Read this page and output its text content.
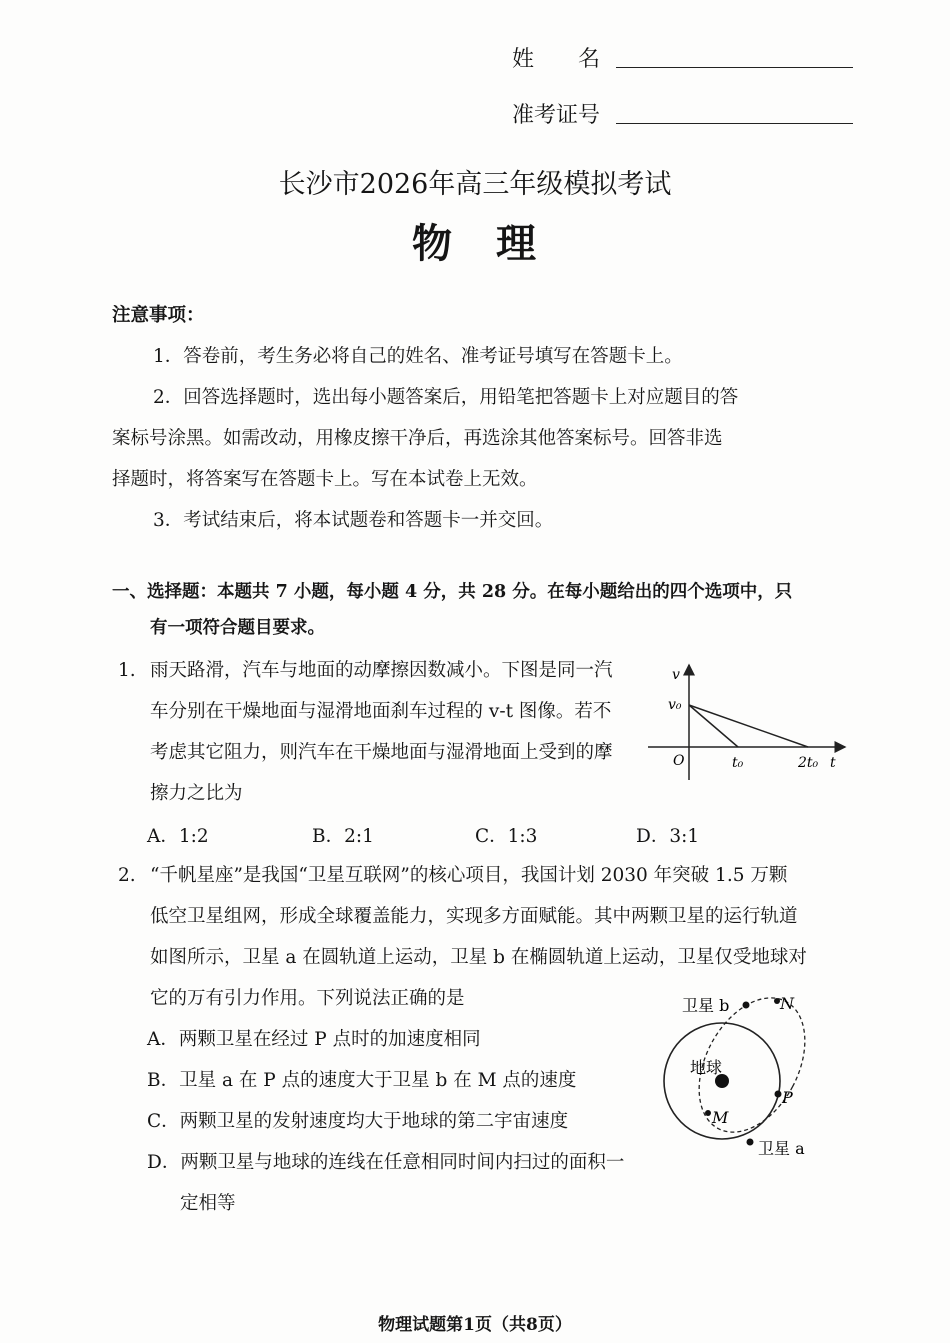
姓　　名
准考证号
长沙市2026年高三年级模拟考试
物　理
注意事项：
1．答卷前，考生务必将自己的姓名、准考证号填写在答题卡上。
2．回答选择题时，选出每小题答案后，用铅笔把答题卡上对应题目的答
案标号涂黑。如需改动，用橡皮擦干净后，再选涂其他答案标号。回答非选
择题时，将答案写在答题卡上。写在本试卷上无效。
3．考试结束后，将本试题卷和答题卡一并交回。
一、选择题：本题共 7 小题，每小题 4 分，共 28 分。在每小题给出的四个选项中，只
有一项符合题目要求。
1. 雨天路滑，汽车与地面的动摩擦因数减小。下图是同一汽
车分别在干燥地面与湿滑地面刹车过程的 v-t 图像。若不
考虑其它阻力，则汽车在干燥地面与湿滑地面上受到的摩
擦力之比为
v
v₀
O	t₀	2t₀ t
A．1:2	B．2:1	C．1:3	D．3:1
2. “千帆星座”是我国“卫星互联网”的核心项目，我国计划 2030 年突破 1.5 万颗
低空卫星组网，形成全球覆盖能力，实现多方面赋能。其中两颗卫星的运行轨道
如图所示，卫星 a 在圆轨道上运动，卫星 b 在椭圆轨道上运动，卫星仅受地球对
它的万有引力作用。下列说法正确的是
A．两颗卫星在经过 P 点时的加速度相同
B．卫星 a 在 P 点的速度大于卫星 b 在 M 点的速度
C．两颗卫星的发射速度均大于地球的第二宇宙速度
D．两颗卫星与地球的连线在任意相同时间内扫过的面积一
定相等
卫星 b	N
地球
P
M
卫星 a
物理试题第1页（共8页）
